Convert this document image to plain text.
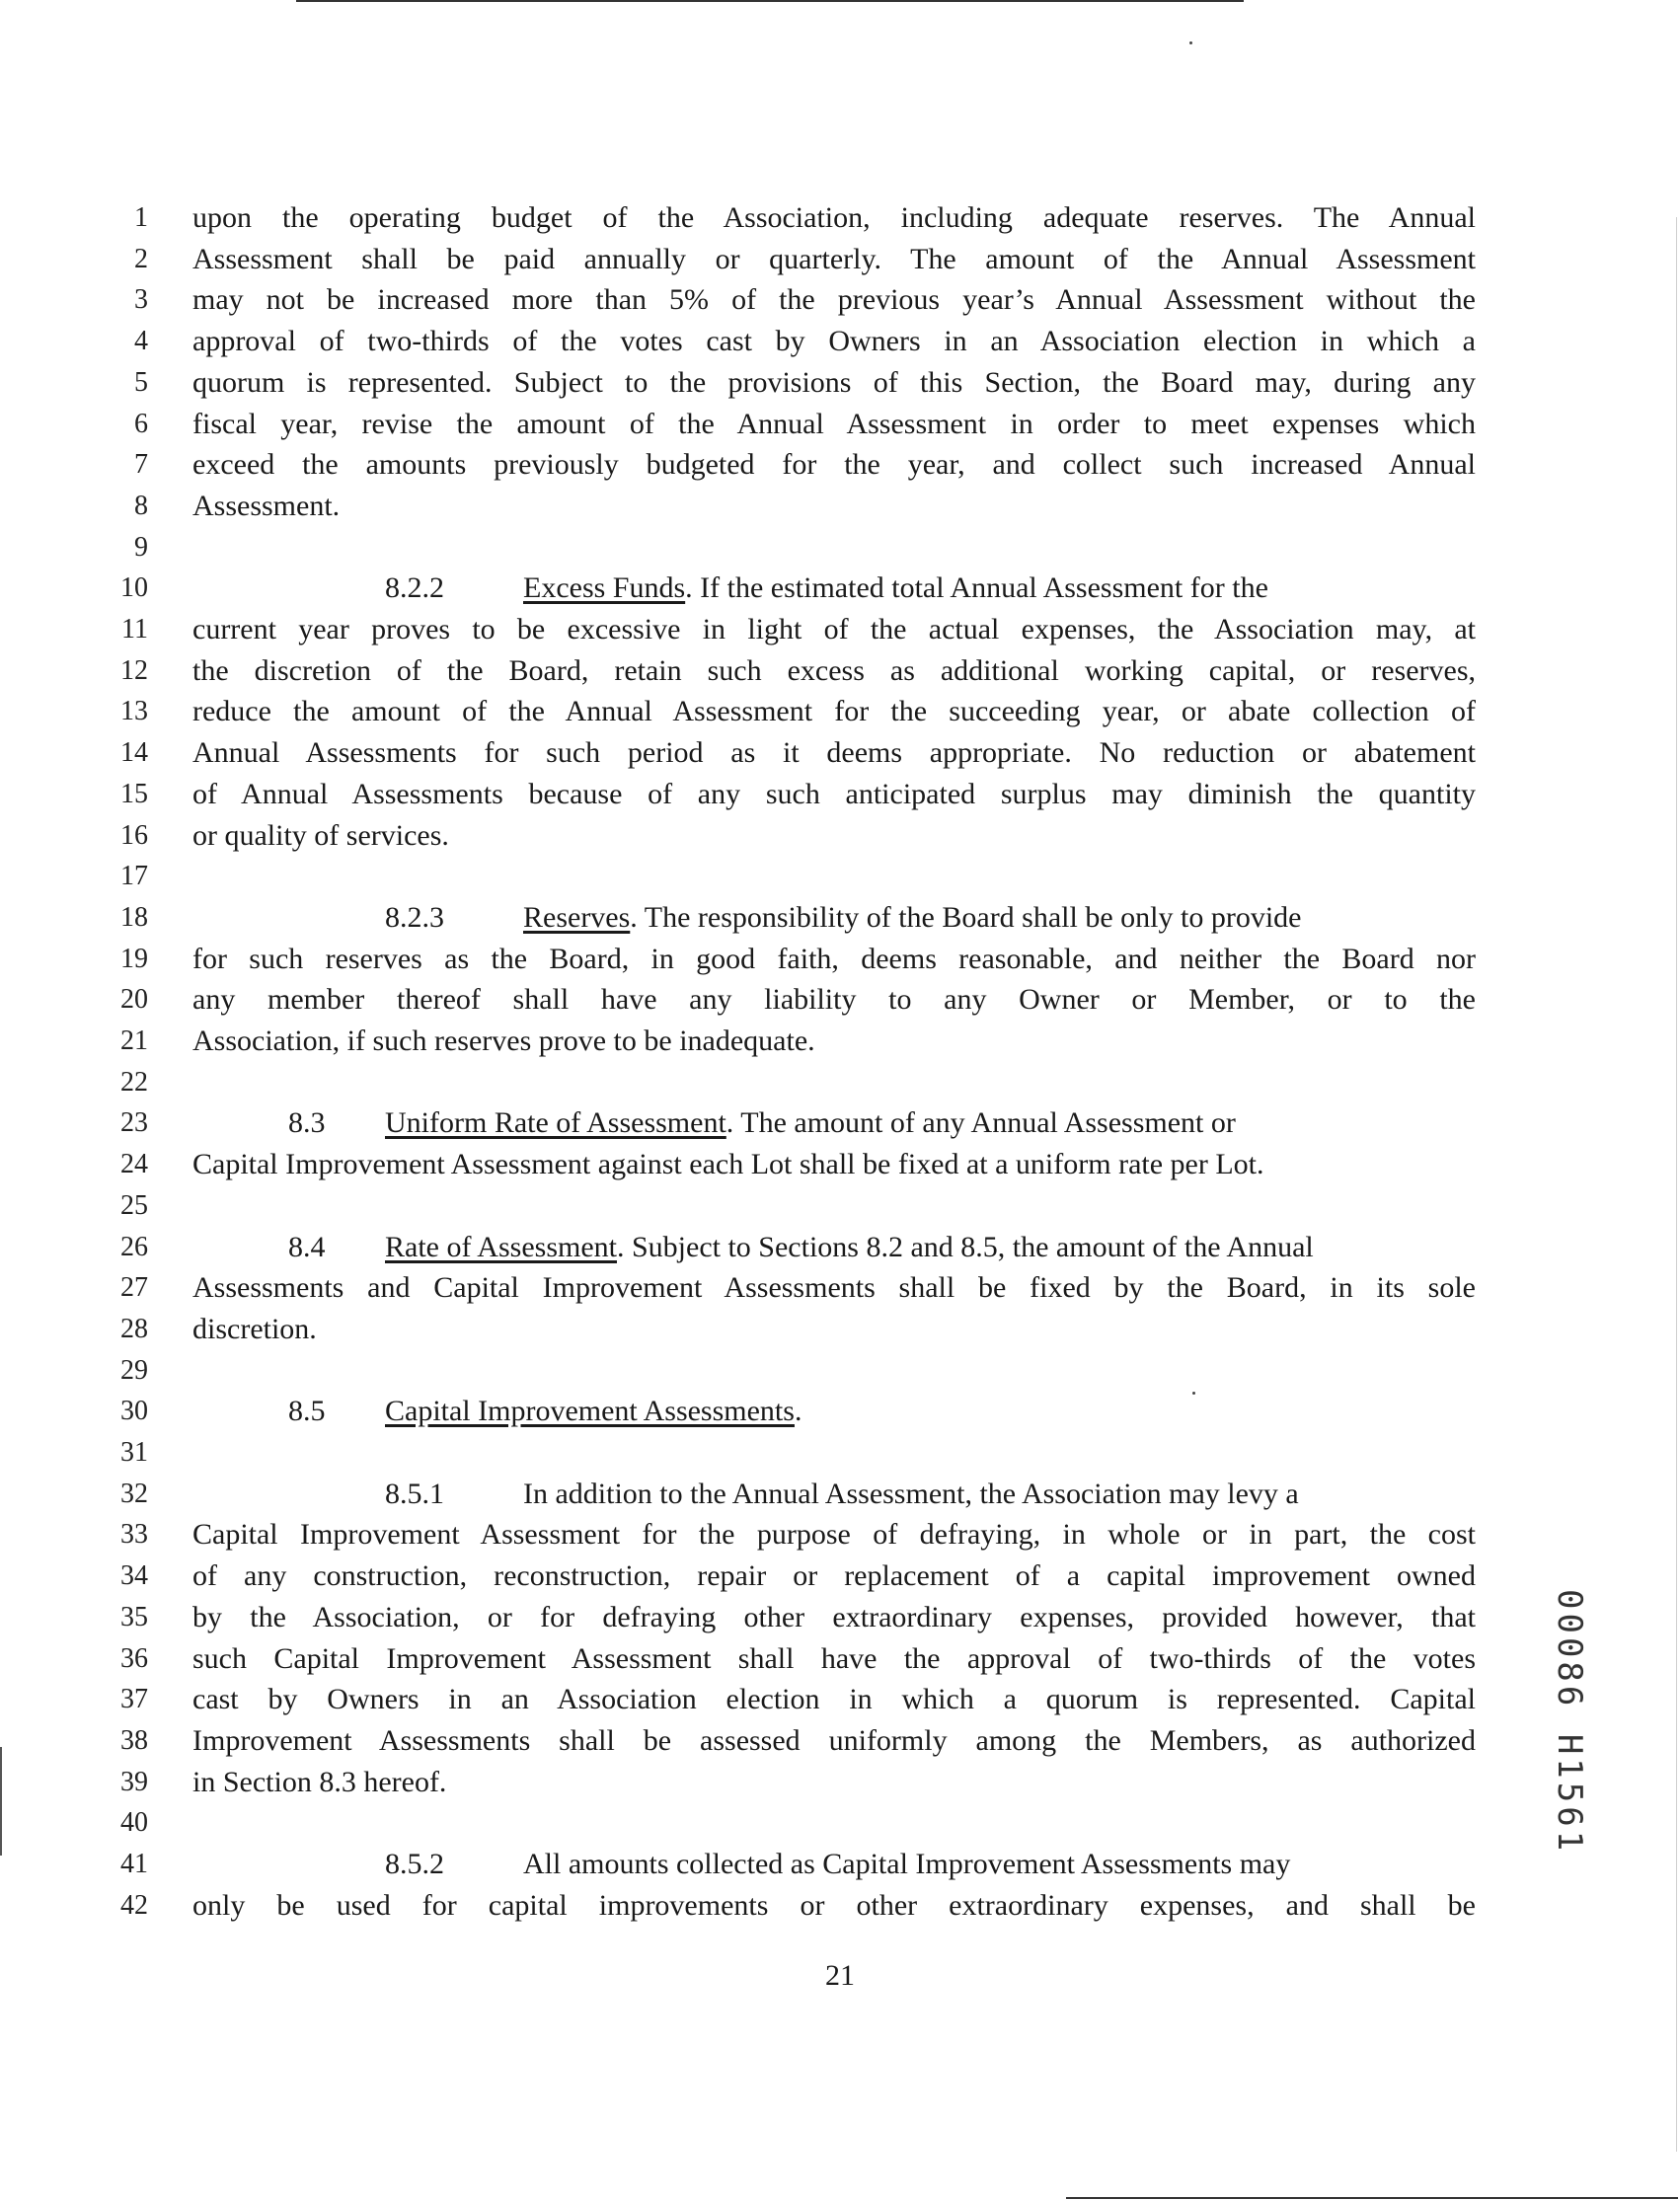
1 upon the operating budget of the Association, including adequate reserves. The Annual
2 Assessment shall be paid annually or quarterly. The amount of the Annual Assessment
3 may not be increased more than 5% of the previous year’s Annual Assessment without the
4 approval of two-thirds of the votes cast by Owners in an Association election in which a
5 quorum is represented. Subject to the provisions of this Section, the Board may, during any
6 fiscal year, revise the amount of the Annual Assessment in order to meet expenses which
7 exceed the amounts previously budgeted for the year, and collect such increased Annual
8 Assessment.
9
10	8.2.2	Excess Funds. If the estimated total Annual Assessment for the
11 current year proves to be excessive in light of the actual expenses, the Association may, at
12 the discretion of the Board, retain such excess as additional working capital, or reserves,
13 reduce the amount of the Annual Assessment for the succeeding year, or abate collection of
14 Annual Assessments for such period as it deems appropriate. No reduction or abatement
15 of Annual Assessments because of any such anticipated surplus may diminish the quantity
16 or quality of services.
17
18	8.2.3	Reserves. The responsibility of the Board shall be only to provide
19 for such reserves as the Board, in good faith, deems reasonable, and neither the Board nor
20 any member thereof shall have any liability to any Owner or Member, or to the
21 Association, if such reserves prove to be inadequate.
22
23	8.3 Uniform Rate of Assessment. The amount of any Annual Assessment or
24 Capital Improvement Assessment against each Lot shall be fixed at a uniform rate per Lot.
25
26	8.4 Rate of Assessment. Subject to Sections 8.2 and 8.5, the amount of the Annual
27 Assessments and Capital Improvement Assessments shall be fixed by the Board, in its sole
28 discretion.
29
30	8.5 Capital Improvement Assessments.
31
32	8.5.1	In addition to the Annual Assessment, the Association may levy a
33 Capital Improvement Assessment for the purpose of defraying, in whole or in part, the cost
34 of any construction, reconstruction, repair or replacement of a capital improvement owned
35 by the Association, or for defraying other extraordinary expenses, provided however, that
36 such Capital Improvement Assessment shall have the approval of two-thirds of the votes
37 cast by Owners in an Association election in which a quorum is represented. Capital
38 Improvement Assessments shall be assessed uniformly among the Members, as authorized
39 in Section 8.3 hereof.
40
41	8.5.2	All amounts collected as Capital Improvement Assessments may
42 only be used for capital improvements or other extraordinary expenses, and shall be
21
00086 H1561
